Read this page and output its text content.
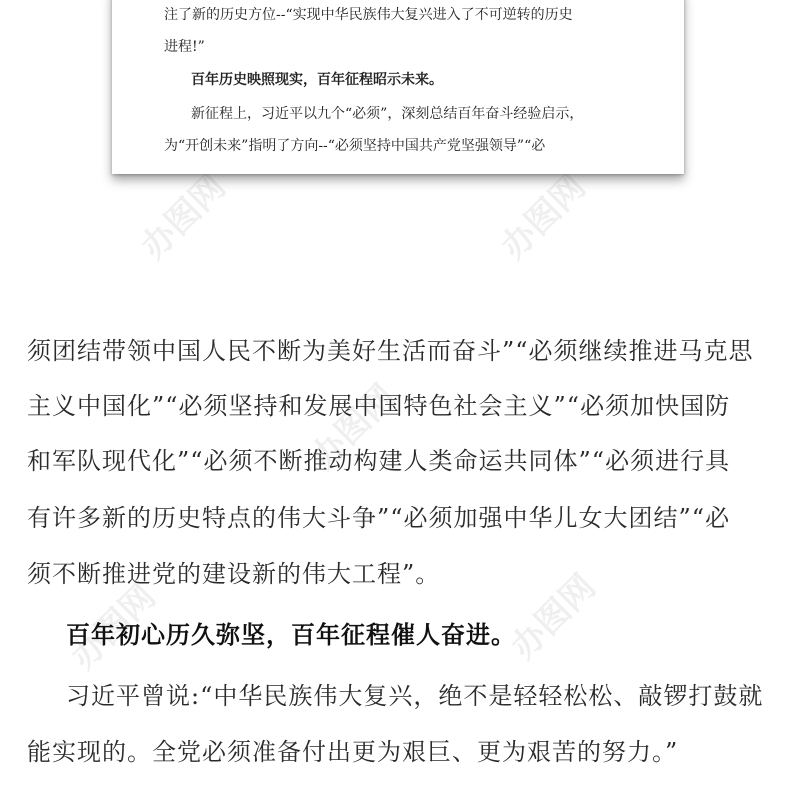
办图网	办图网
办图网
办图网	办图网
注了新的历史方位--“实现中华民族伟大复兴进入了不可逆转的历史
进程!”
百年历史映照现实，百年征程昭示未来。
新征程上，习近平以九个“必须”，深刻总结百年奋斗经验启示，
为“开创未来”指明了方向--“必须坚持中国共产党坚强领导”“必
须团结带领中国人民不断为美好生活而奋斗”“必须继续推进马克思
主义中国化”“必须坚持和发展中国特色社会主义”“必须加快国防
和军队现代化”“必须不断推动构建人类命运共同体”“必须进行具
有许多新的历史特点的伟大斗争”“必须加强中华儿女大团结”“必
须不断推进党的建设新的伟大工程”。
百年初心历久弥坚，百年征程催人奋进。
习近平曾说:“中华民族伟大复兴，绝不是轻轻松松、敲锣打鼓就
能实现的。全党必须准备付出更为艰巨、更为艰苦的努力。”
